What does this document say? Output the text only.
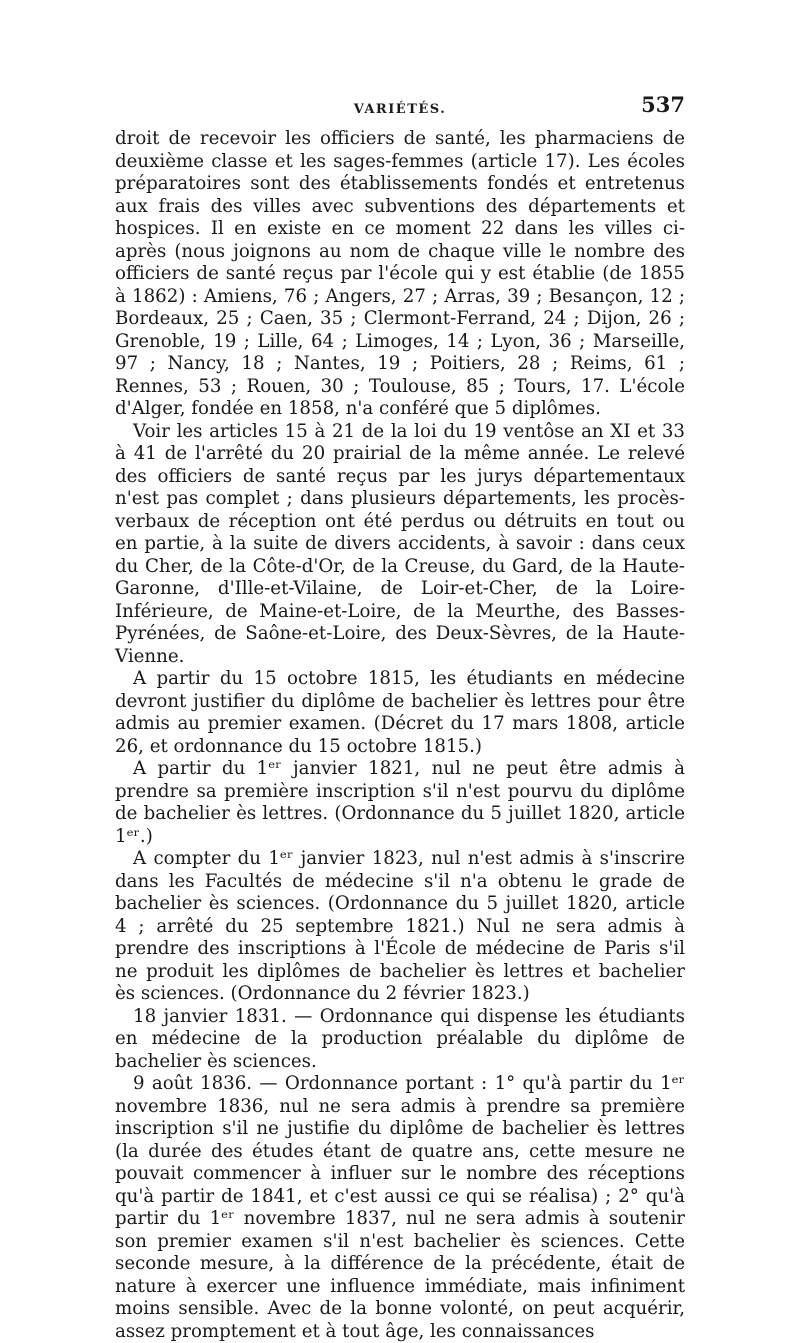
VARIÉTÉS.	537

droit de recevoir les officiers de santé, les pharmaciens de deuxième classe et les sages-femmes (article 17). Les écoles préparatoires sont des établissements fondés et entretenus aux frais des villes avec subventions des départements et hospices. Il en existe en ce moment 22 dans les villes ci-après (nous joignons au nom de chaque ville le nombre des officiers de santé reçus par l'école qui y est établie (de 1855 à 1862) : Amiens, 76 ; Angers, 27 ; Arras, 39 ; Besançon, 12 ; Bordeaux, 25 ; Caen, 35 ; Clermont-Ferrand, 24 ; Dijon, 26 ; Grenoble, 19 ; Lille, 64 ; Limoges, 14 ; Lyon, 36 ; Marseille, 97 ; Nancy, 18 ; Nantes, 19 ; Poitiers, 28 ; Reims, 61 ; Rennes, 53 ; Rouen, 30 ; Toulouse, 85 ; Tours, 17. L'école d'Alger, fondée en 1858, n'a conféré que 5 diplômes.

Voir les articles 15 à 21 de la loi du 19 ventôse an XI et 33 à 41 de l'arrêté du 20 prairial de la même année. Le relevé des officiers de santé reçus par les jurys départementaux n'est pas complet ; dans plusieurs départements, les procès-verbaux de réception ont été perdus ou détruits en tout ou en partie, à la suite de divers accidents, à savoir : dans ceux du Cher, de la Côte-d'Or, de la Creuse, du Gard, de la Haute-Garonne, d'Ille-et-Vilaine, de Loir-et-Cher, de la Loire-Inférieure, de Maine-et-Loire, de la Meurthe, des Basses-Pyrénées, de Saône-et-Loire, des Deux-Sèvres, de la Haute-Vienne.

A partir du 15 octobre 1815, les étudiants en médecine devront justifier du diplôme de bachelier ès lettres pour être admis au premier examen. (Décret du 17 mars 1808, article 26, et ordonnance du 15 octobre 1815.)

A partir du 1ᵉʳ janvier 1821, nul ne peut être admis à prendre sa première inscription s'il n'est pourvu du diplôme de bachelier ès lettres. (Ordonnance du 5 juillet 1820, article 1ᵉʳ.)

A compter du 1ᵉʳ janvier 1823, nul n'est admis à s'inscrire dans les Facultés de médecine s'il n'a obtenu le grade de bachelier ès sciences. (Ordonnance du 5 juillet 1820, article 4 ; arrêté du 25 septembre 1821.) Nul ne sera admis à prendre des inscriptions à l'École de médecine de Paris s'il ne produit les diplômes de bachelier ès lettres et bachelier ès sciences. (Ordonnance du 2 février 1823.)

18 janvier 1831. — Ordonnance qui dispense les étudiants en médecine de la production préalable du diplôme de bachelier ès sciences.

9 août 1836. — Ordonnance portant : 1° qu'à partir du 1ᵉʳ novembre 1836, nul ne sera admis à prendre sa première inscription s'il ne justifie du diplôme de bachelier ès lettres (la durée des études étant de quatre ans, cette mesure ne pouvait commencer à influer sur le nombre des réceptions qu'à partir de 1841, et c'est aussi ce qui se réalisa) ; 2° qu'à partir du 1ᵉʳ novembre 1837, nul ne sera admis à soutenir son premier examen s'il n'est bachelier ès sciences. Cette seconde mesure, à la différence de la précédente, était de nature à exercer une influence immédiate, mais infiniment moins sensible. Avec de la bonne volonté, on peut acquérir, assez promptement et à tout âge, les connaissances
